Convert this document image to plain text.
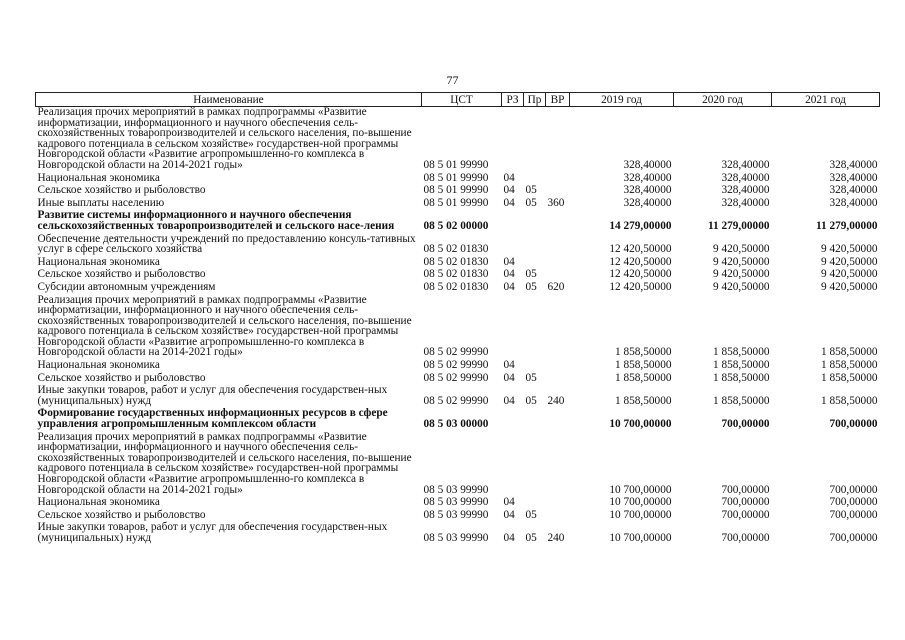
77
Наименование	ЦСТ	РЗ	Пр	ВР	2019 год	2020 год	2021 год
Реализация прочих мероприятий в рамках подпрограммы «Развитие информатизации, информационного и научного обеспечения сель-скохозяйственных товаропроизводителей и сельского населения, по-вышение кадрового потенциала в сельском хозяйстве» государствен-ной программы Новгородской области «Развитие агропромышленно-го комплекса в Новгородской области на 2014-2021 годы»	08 5 01 99990				328,40000	328,40000	328,40000
Национальная экономика	08 5 01 99990	04			328,40000	328,40000	328,40000
Сельское хозяйство и рыболовство	08 5 01 99990	04	05		328,40000	328,40000	328,40000
Иные выплаты населению	08 5 01 99990	04	05	360	328,40000	328,40000	328,40000
Развитие системы информационного и научного обеспечения сельскохозяйственных товаропроизводителей и сельского насе-ления	08 5 02 00000				14 279,00000	11 279,00000	11 279,00000
Обеспечение деятельности учреждений по предоставлению консуль-тативных услуг в сфере сельского хозяйства	08 5 02 01830				12 420,50000	9 420,50000	9 420,50000
Национальная экономика	08 5 02 01830	04			12 420,50000	9 420,50000	9 420,50000
Сельское хозяйство и рыболовство	08 5 02 01830	04	05		12 420,50000	9 420,50000	9 420,50000
Субсидии автономным учреждениям	08 5 02 01830	04	05	620	12 420,50000	9 420,50000	9 420,50000
Реализация прочих мероприятий в рамках подпрограммы «Развитие информатизации, информационного и научного обеспечения сель-скохозяйственных товаропроизводителей и сельского населения, по-вышение кадрового потенциала в сельском хозяйстве» государствен-ной программы Новгородской области «Развитие агропромышленно-го комплекса в Новгородской области на 2014-2021 годы»	08 5 02 99990				1 858,50000	1 858,50000	1 858,50000
Национальная экономика	08 5 02 99990	04			1 858,50000	1 858,50000	1 858,50000
Сельское хозяйство и рыболовство	08 5 02 99990	04	05		1 858,50000	1 858,50000	1 858,50000
Иные закупки товаров, работ и услуг для обеспечения государствен-ных (муниципальных) нужд	08 5 02 99990	04	05	240	1 858,50000	1 858,50000	1 858,50000
Формирование государственных информационных ресурсов в сфере управления агропромышленным комплексом области	08 5 03 00000				10 700,00000	700,00000	700,00000
Реализация прочих мероприятий в рамках подпрограммы «Развитие информатизации, информационного и научного обеспечения сель-скохозяйственных товаропроизводителей и сельского населения, по-вышение кадрового потенциала в сельском хозяйстве» государствен-ной программы Новгородской области «Развитие агропромышленно-го комплекса в Новгородской области на 2014-2021 годы»	08 5 03 99990				10 700,00000	700,00000	700,00000
Национальная экономика	08 5 03 99990	04			10 700,00000	700,00000	700,00000
Сельское хозяйство и рыболовство	08 5 03 99990	04	05		10 700,00000	700,00000	700,00000
Иные закупки товаров, работ и услуг для обеспечения государствен-ных (муниципальных) нужд	08 5 03 99990	04	05	240	10 700,00000	700,00000	700,00000
